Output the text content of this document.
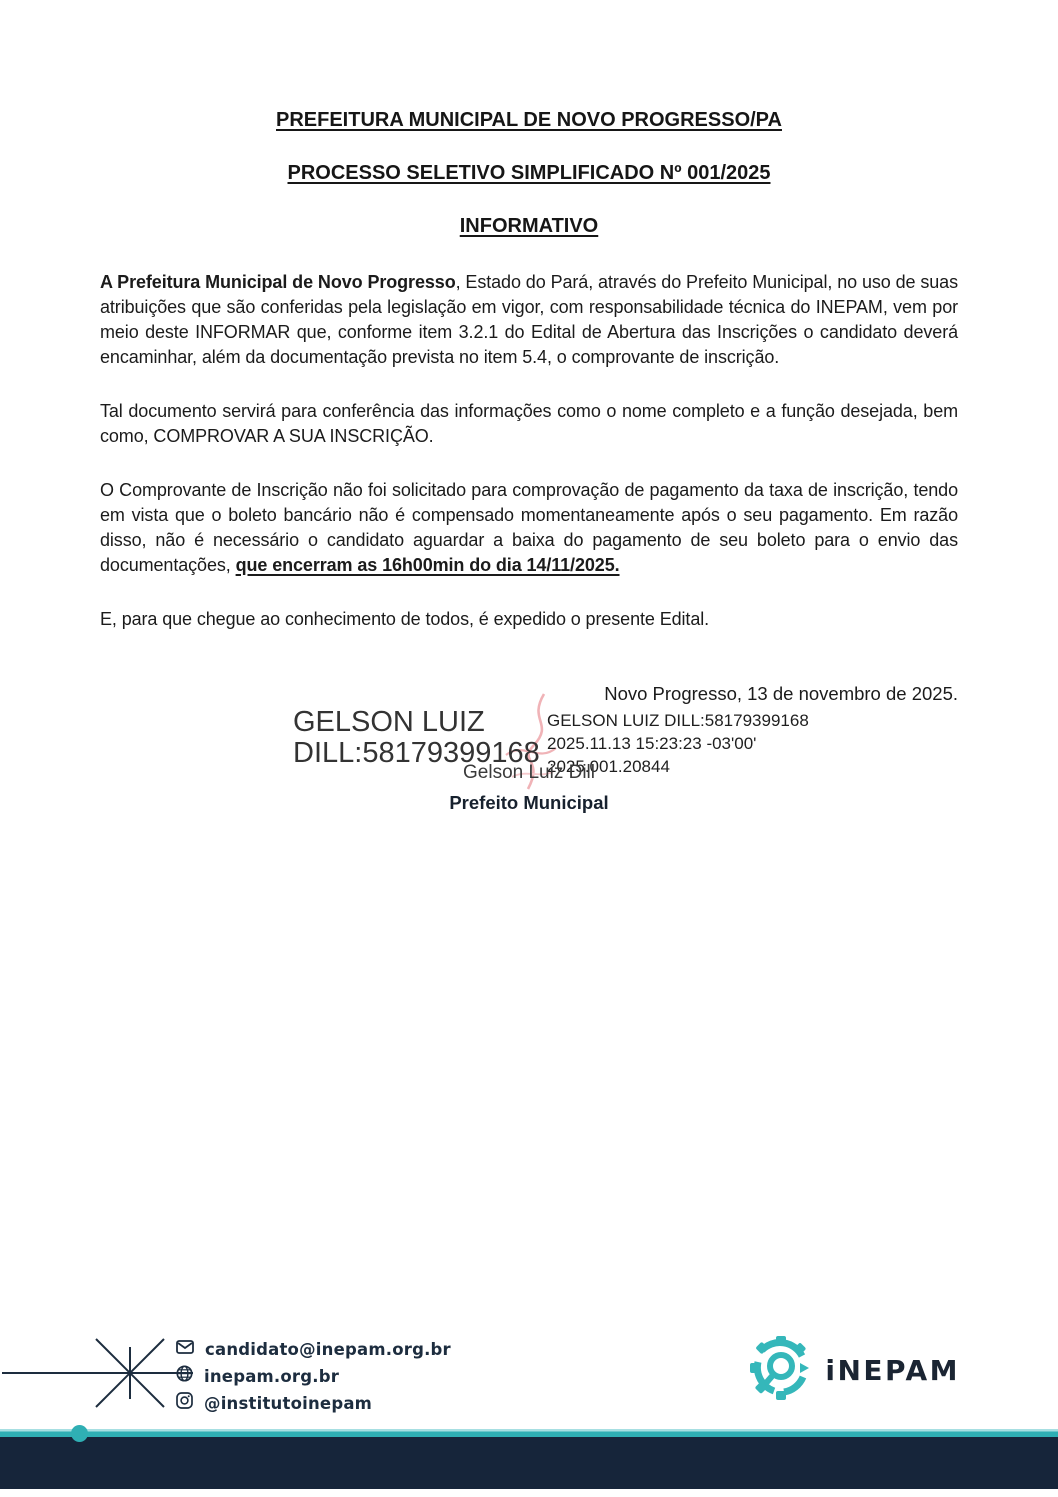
PREFEITURA MUNICIPAL DE NOVO PROGRESSO/PA
PROCESSO SELETIVO SIMPLIFICADO Nº 001/2025
INFORMATIVO

A Prefeitura Municipal de Novo Progresso, Estado do Pará, através do Prefeito Municipal, no uso de suas atribuições que são conferidas pela legislação em vigor, com responsabilidade técnica do INEPAM, vem por meio deste INFORMAR que, conforme item 3.2.1 do Edital de Abertura das Inscrições o candidato deverá encaminhar, além da documentação prevista no item 5.4, o comprovante de inscrição.

Tal documento servirá para conferência das informações como o nome completo e a função desejada, bem como, COMPROVAR A SUA INSCRIÇÃO.

O Comprovante de Inscrição não foi solicitado para comprovação de pagamento da taxa de inscrição, tendo em vista que o boleto bancário não é compensado momentaneamente após o seu pagamento. Em razão disso, não é necessário o candidato aguardar a baixa do pagamento de seu boleto para o envio das documentações, que encerram as 16h00min do dia 14/11/2025.

E, para que chegue ao conhecimento de todos, é expedido o presente Edital.

Novo Progresso, 13 de novembro de 2025.

GELSON LUIZ
DILL:58179399168
GELSON LUIZ DILL:58179399168
2025.11.13 15:23:23 -03'00'
2025.001.20844
Gelson Luiz Dill
Prefeito Municipal
candidato@inepam.org.br
inepam.org.br
@institutoinepam
iNEPAM
